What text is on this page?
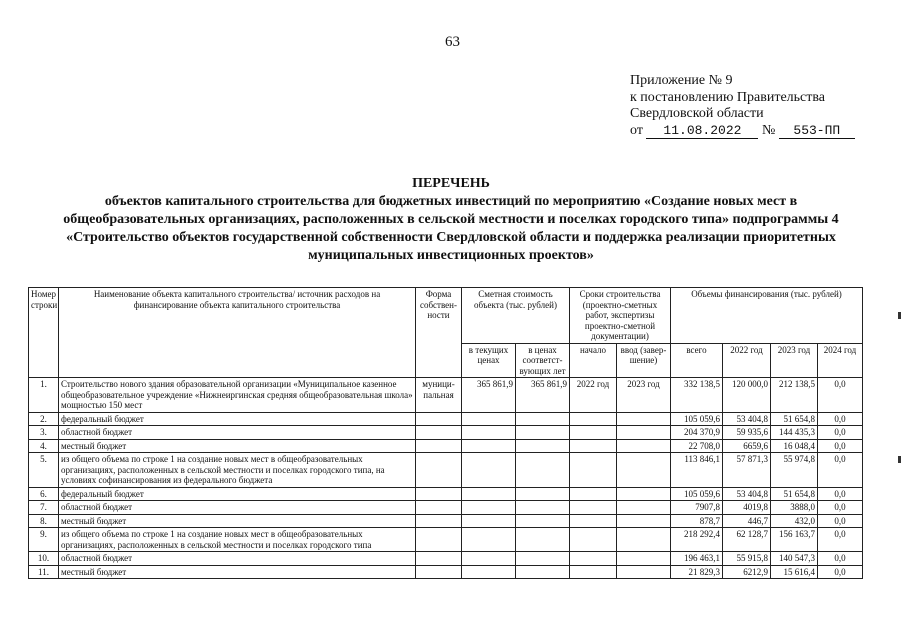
63
Приложение № 9
к постановлению Правительства
Свердловской области
от 11.08.2022 № 553-ПП
ПЕРЕЧЕНЬ
объектов капитального строительства для бюджетных инвестиций по мероприятию «Создание новых мест в
общеобразовательных организациях, расположенных в сельской местности и поселках городского типа» подпрограммы 4
«Строительство объектов государственной собственности Свердловской области и поддержка реализации приоритетных
муниципальных инвестиционных проектов»
Номер строки	Наименование объекта капитального строительства/ источник расходов на финансирование объекта капитального строительства	Форма собствен- ности	Сметная стоимость объекта (тыс. рублей)		Сроки строительства (проектно-сметных работ, экспертизы проектно-сметной документации)		Объемы финансирования (тыс. рублей)			
			в текущих ценах	в ценах соответст- вующих лет	начало	ввод (завер- шение)	всего	2022 год	2023 год	2024 год
1.	Строительство нового здания образовательной организации «Муниципальное казенное общеобразовательное учреждение «Нижнеиргинская средняя общеобразовательная школа» мощностью 150 мест	муници- пальная	365 861,9	365 861,9	2022 год	2023 год	332 138,5	120 000,0	212 138,5	0,0
2.	федеральный бюджет						105 059,6	53 404,8	51 654,8	0,0
3.	областной бюджет						204 370,9	59 935,6	144 435,3	0,0
4.	местный бюджет						22 708,0	6659,6	16 048,4	0,0
5.	из общего объема по строке 1 на создание новых мест в общеобразовательных организациях, расположенных в сельской местности и поселках городского типа, на условиях софинансирования из федерального бюджета						113 846,1	57 871,3	55 974,8	0,0
6.	федеральный бюджет						105 059,6	53 404,8	51 654,8	0,0
7.	областной бюджет						7907,8	4019,8	3888,0	0,0
8.	местный бюджет						878,7	446,7	432,0	0,0
9.	из общего объема по строке 1 на создание новых мест в общеобразовательных организациях, расположенных в сельской местности и поселках городского типа						218 292,4	62 128,7	156 163,7	0,0
10.	областной бюджет						196 463,1	55 915,8	140 547,3	0,0
11.	местный бюджет						21 829,3	6212,9	15 616,4	0,0
